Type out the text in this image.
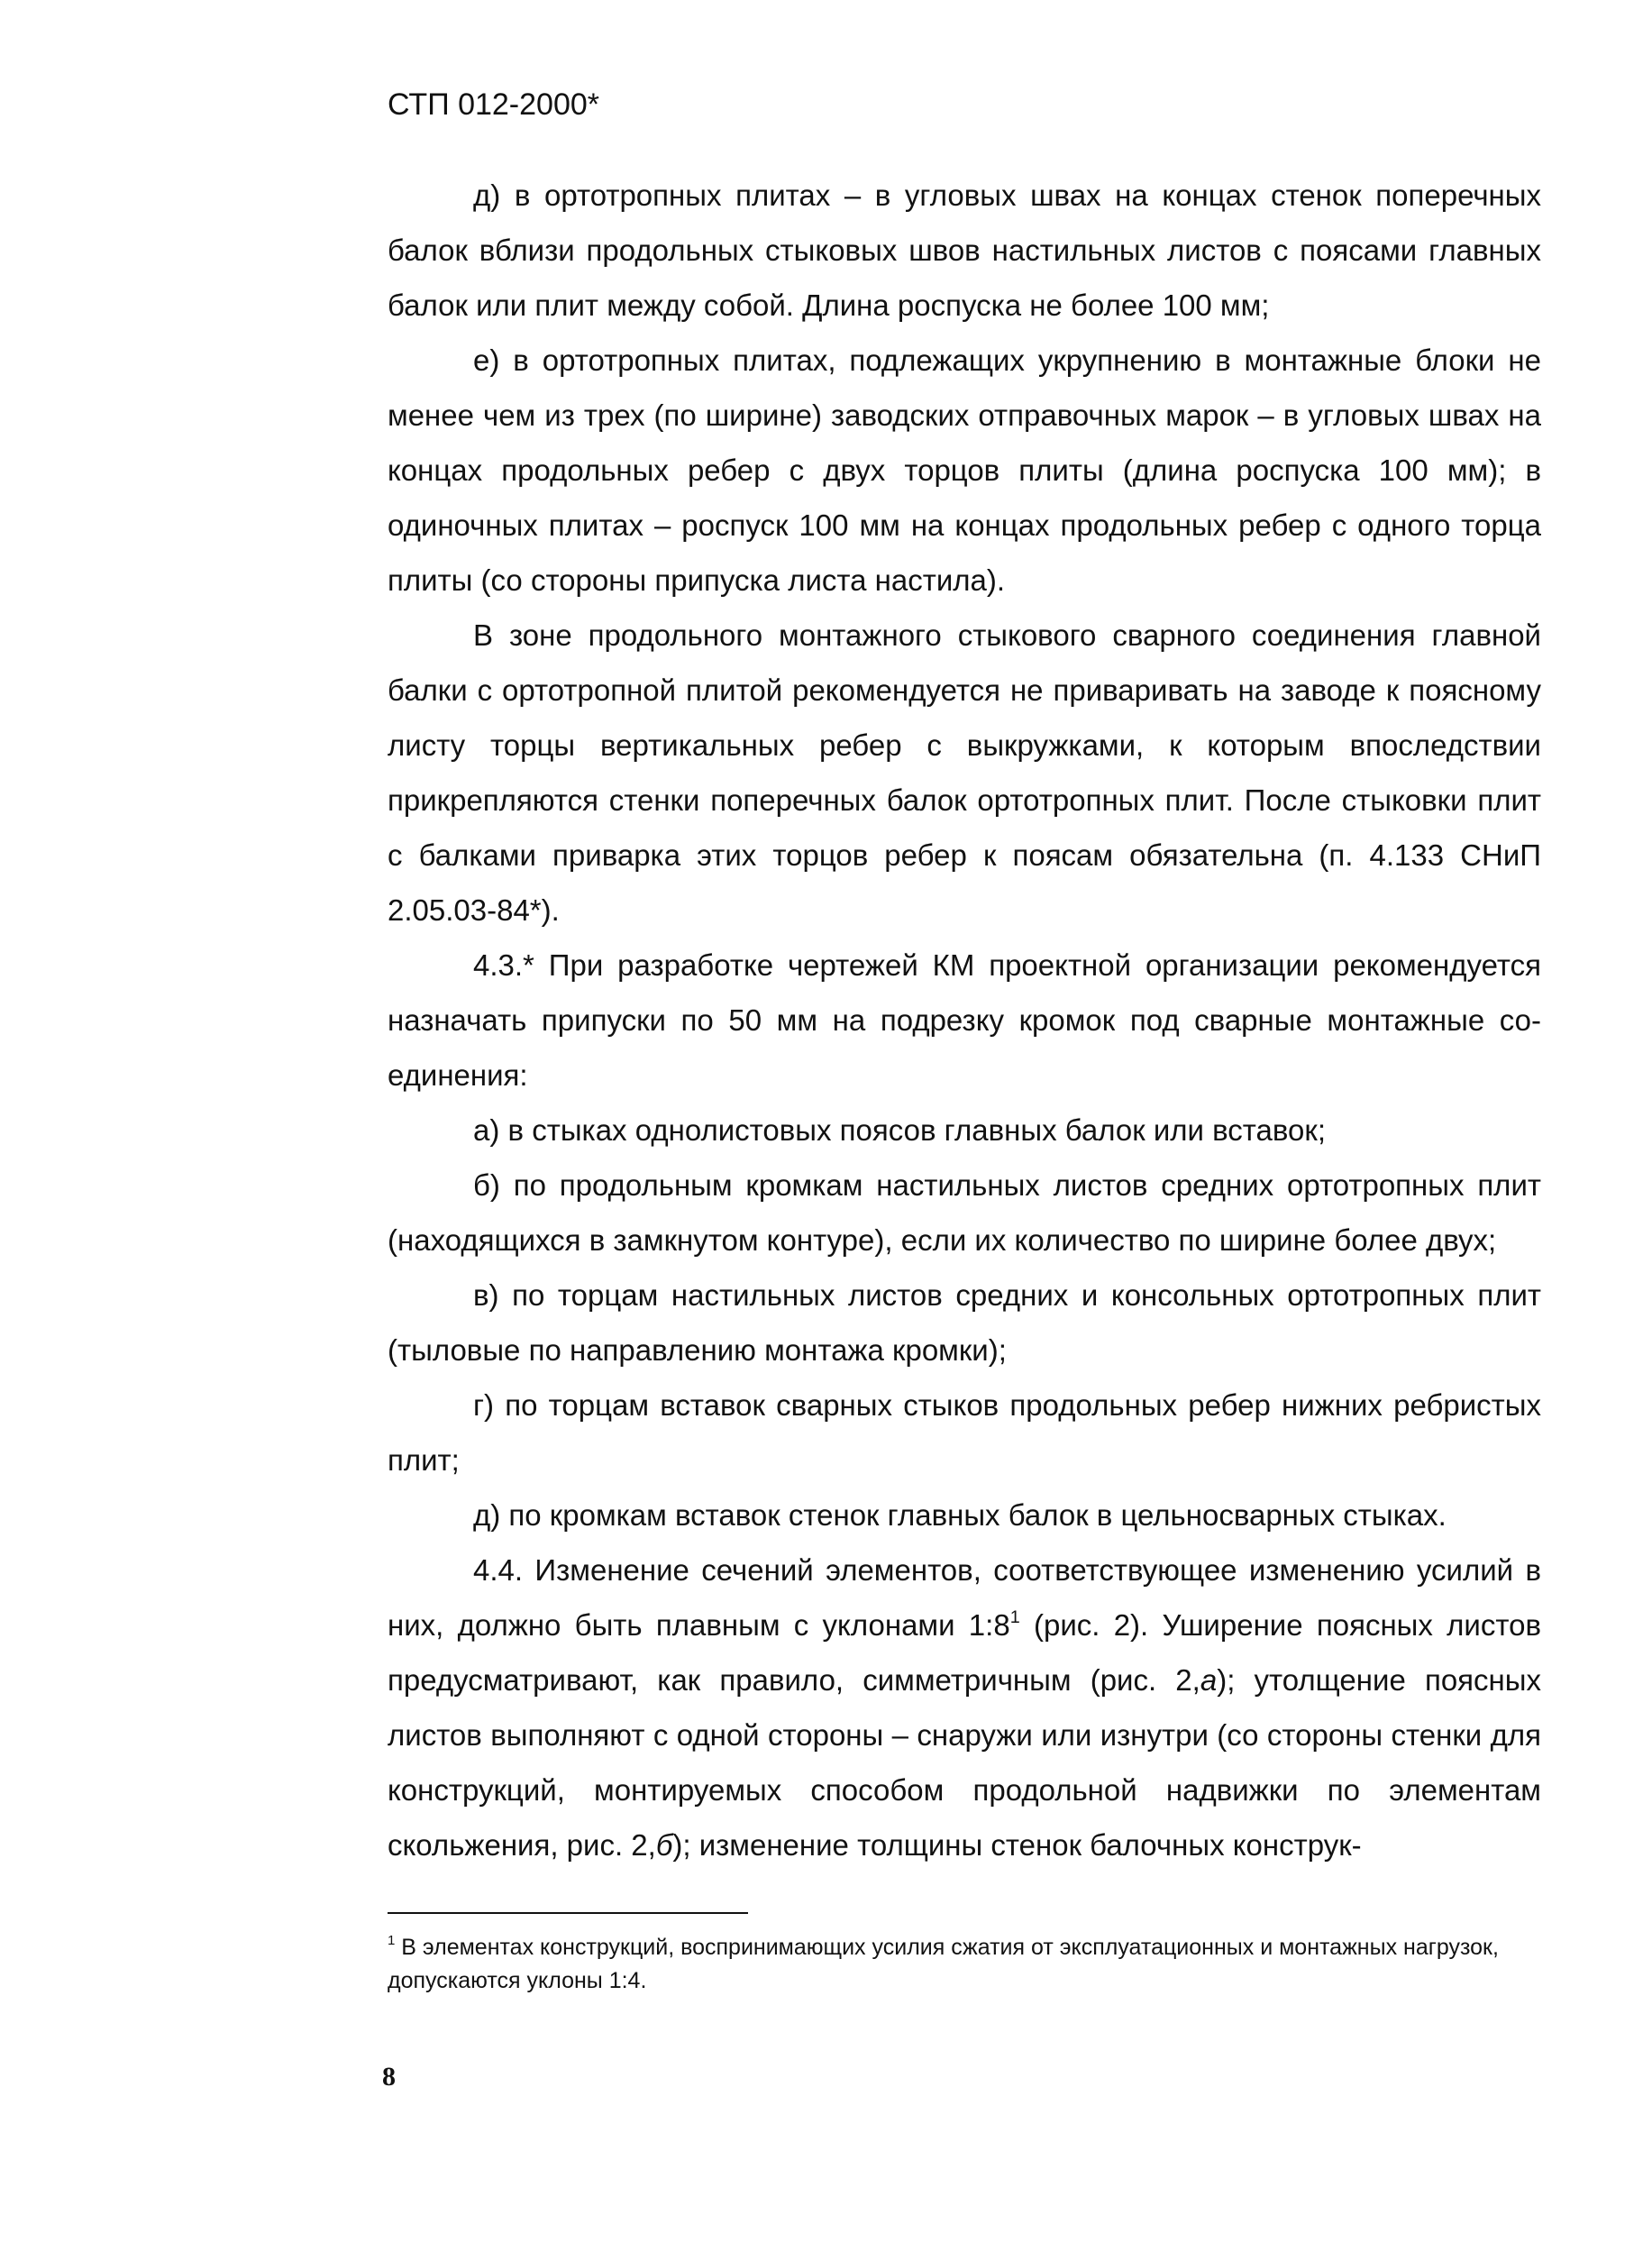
СТП 012-2000*

д) в ортотропных плитах – в угловых швах на концах стенок поперечных балок вблизи продольных стыковых швов настильных листов с поясами главных балок или плит между собой. Длина роспуска не более 100 мм;

е) в ортотропных плитах, подлежащих укрупнению в монтажные блоки не менее чем из трех (по ширине) заводских отправочных марок – в угловых швах на концах продольных ребер с двух торцов плиты (длина роспуска 100 мм); в одиночных плитах – роспуск 100 мм на концах продольных ребер с одного торца плиты (со стороны припуска листа настила).

В зоне продольного монтажного стыкового сварного соединения главной балки с ортотропной плитой рекомендуется не приваривать на заводе к поясному листу торцы вертикальных ребер с выкружками, к которым впоследствии прикрепляются стенки поперечных балок ортотропных плит. После стыковки плит с балками приварка этих торцов ребер к поясам обязательна (п. 4.133 СНиП 2.05.03-84*).

4.3.* При разработке чертежей КМ проектной организации рекомендуется назначать припуски по 50 мм на подрезку кромок под сварные монтажные соединения:

а) в стыках однолистовых поясов главных балок или вставок;

б) по продольным кромкам настильных листов средних ортотропных плит (находящихся в замкнутом контуре), если их количество по ширине более двух;

в) по торцам настильных листов средних и консольных ортотропных плит (тыловые по направлению монтажа кромки);

г) по торцам вставок сварных стыков продольных ребер нижних ребристых плит;

д) по кромкам вставок стенок главных балок в цельносварных стыках.

4.4. Изменение сечений элементов, соответствующее изменению усилий в них, должно быть плавным с уклонами $1:8^1$ (рис. 2). Уширение поясных листов предусматривают, как правило, симметричным (рис. 2,а); утолщение поясных листов выполняют с одной стороны – снаружи или изнутри (со стороны стенки для конструкций, монтируемых способом продольной надвижки по элементам скольжения, рис. 2,б); изменение толщины стенок балочных конструк-

$^1$ В элементах конструкций, воспринимающих усилия сжатия от эксплуатационных и монтажных нагрузок, допускаются уклоны 1:4.
8
